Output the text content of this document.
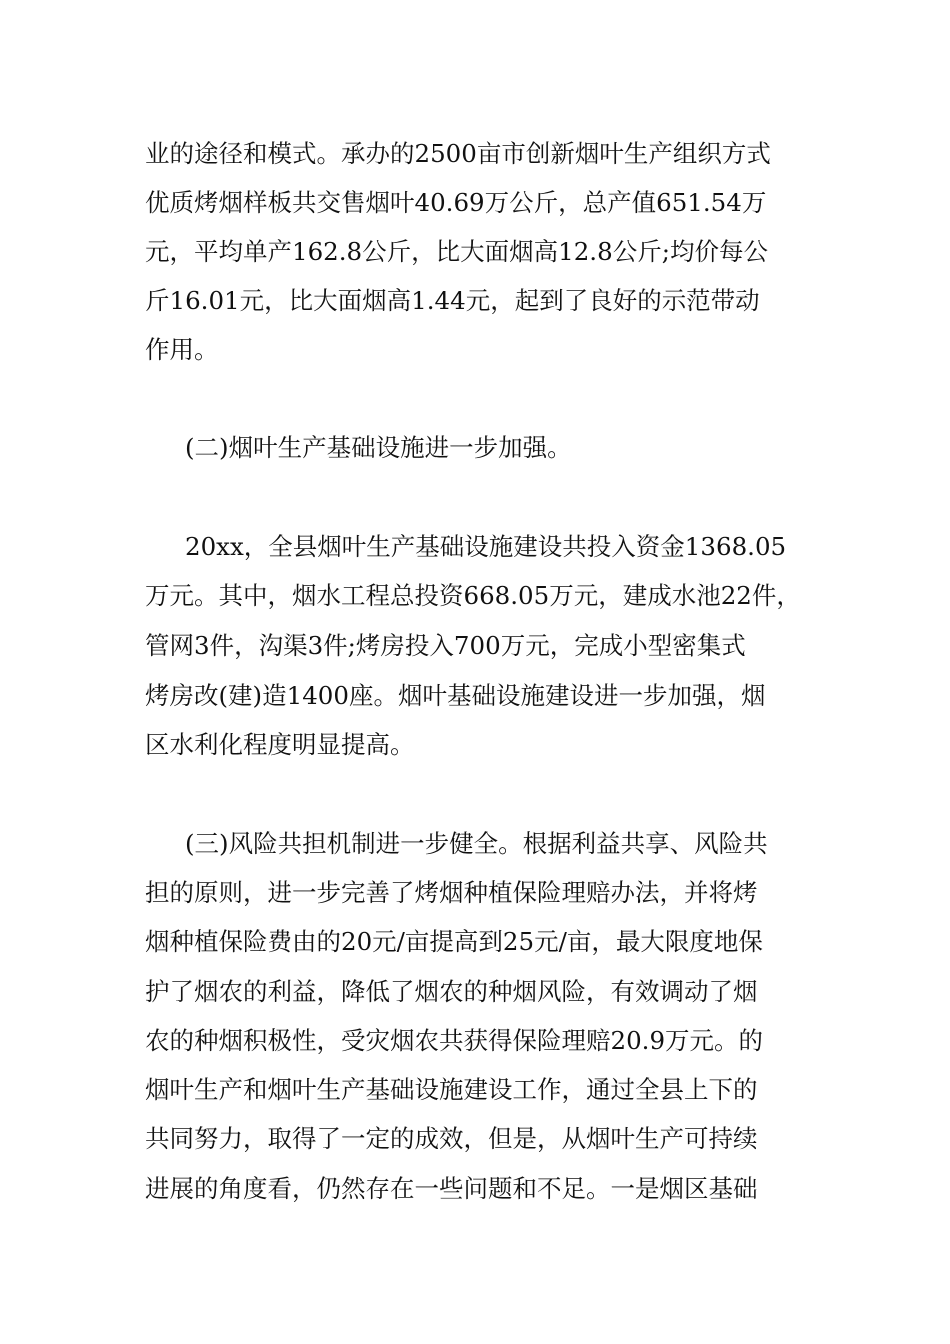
业的途径和模式。承办的2500亩市创新烟叶生产组织方式

优质烤烟样板共交售烟叶40.69万公斤，总产值651.54万

元，平均单产162.8公斤，比大面烟高12.8公斤;均价每公

斤16.01元，比大面烟高1.44元，起到了良好的示范带动

作用。

(二)烟叶生产基础设施进一步加强。

20xx，全县烟叶生产基础设施建设共投入资金1368.05

万元。其中，烟水工程总投资668.05万元，建成水池22件，

管网3件，沟渠3件;烤房投入700万元，完成小型密集式

烤房改(建)造1400座。烟叶基础设施建设进一步加强，烟

区水利化程度明显提高。

(三)风险共担机制进一步健全。根据利益共享、风险共

担的原则，进一步完善了烤烟种植保险理赔办法，并将烤

烟种植保险费由的20元/亩提高到25元/亩，最大限度地保

护了烟农的利益，降低了烟农的种烟风险，有效调动了烟

农的种烟积极性，受灾烟农共获得保险理赔20.9万元。的

烟叶生产和烟叶生产基础设施建设工作，通过全县上下的

共同努力，取得了一定的成效，但是，从烟叶生产可持续

进展的角度看，仍然存在一些问题和不足。一是烟区基础
